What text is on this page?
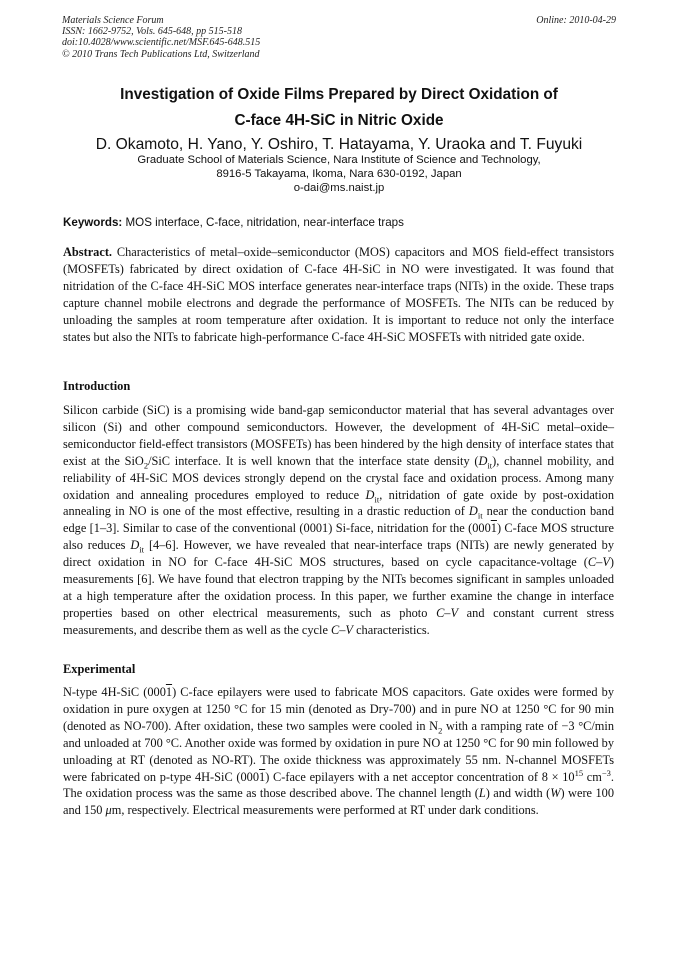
Materials Science Forum
ISSN: 1662-9752, Vols. 645-648, pp 515-518
doi:10.4028/www.scientific.net/MSF.645-648.515
© 2010 Trans Tech Publications Ltd, Switzerland
Online: 2010-04-29
Investigation of Oxide Films Prepared by Direct Oxidation of
C-face 4H-SiC in Nitric Oxide
D. Okamoto, H. Yano, Y. Oshiro, T. Hatayama, Y. Uraoka and T. Fuyuki
Graduate School of Materials Science, Nara Institute of Science and Technology,
8916-5 Takayama, Ikoma, Nara 630-0192, Japan
o-dai@ms.naist.jp
Keywords: MOS interface, C-face, nitridation, near-interface traps

Abstract. Characteristics of metal–oxide–semiconductor (MOS) capacitors and MOS field-effect transistors (MOSFETs) fabricated by direct oxidation of C-face 4H-SiC in NO were investigated. It was found that nitridation of the C-face 4H-SiC MOS interface generates near-interface traps (NITs) in the oxide. These traps capture channel mobile electrons and degrade the performance of MOSFETs. The NITs can be reduced by unloading the samples at room temperature after oxidation. It is important to reduce not only the interface states but also the NITs to fabricate high-performance C-face 4H-SiC MOSFETs with nitrided gate oxide.

Introduction

Silicon carbide (SiC) is a promising wide band-gap semiconductor material that has several advantages over silicon (Si) and other compound semiconductors. However, the development of 4H-SiC metal–oxide–semiconductor field-effect transistors (MOSFETs) has been hindered by the high density of interface states that exist at the SiO$_2$/SiC interface. It is well known that the interface state density $(D_{it})$, channel mobility, and reliability of 4H-SiC MOS devices strongly depend on the crystal face and oxidation process. Among many oxidation and annealing procedures employed to reduce $D_{it}$, nitridation of gate oxide by post-oxidation annealing in NO is one of the most effective, resulting in a drastic reduction of $D_{it}$ near the conduction band edge [1–3]. Similar to case of the conventional (0001) Si-face, nitridation for the (0001) C-face MOS structure also reduces $D_{it}$ [4–6]. However, we have revealed that near-interface traps (NITs) are newly generated by direct oxidation in NO for C-face 4H-SiC MOS structures, based on cycle capacitance-voltage (C–V) measurements [6]. We have found that electron trapping by the NITs becomes significant in samples unloaded at a high temperature after the oxidation process. In this paper, we further examine the change in interface properties based on other electrical measurements, such as photo C–V and constant current stress measurements, and describe them as well as the cycle C–V characteristics.

Experimental

N-type 4H-SiC (0001) C-face epilayers were used to fabricate MOS capacitors. Gate oxides were formed by oxidation in pure oxygen at 1250 °C for 15 min (denoted as Dry-700) and in pure NO at 1250 °C for 90 min (denoted as NO-700). After oxidation, these two samples were cooled in $N_2$ with a ramping rate of −3 °C/min and unloaded at 700 °C. Another oxide was formed by oxidation in pure NO at 1250 °C for 90 min followed by unloading at RT (denoted as NO-RT). The oxide thickness was approximately 55 nm. N-channel MOSFETs were fabricated on p-type 4H-SiC (0001) C-face epilayers with a net acceptor concentration of $8 \times 10^{15}$ $cm^{-3}$. The oxidation process was the same as those described above. The channel length (L) and width (W) were 100 and 150 μm, respectively. Electrical measurements were performed at RT under dark conditions.
